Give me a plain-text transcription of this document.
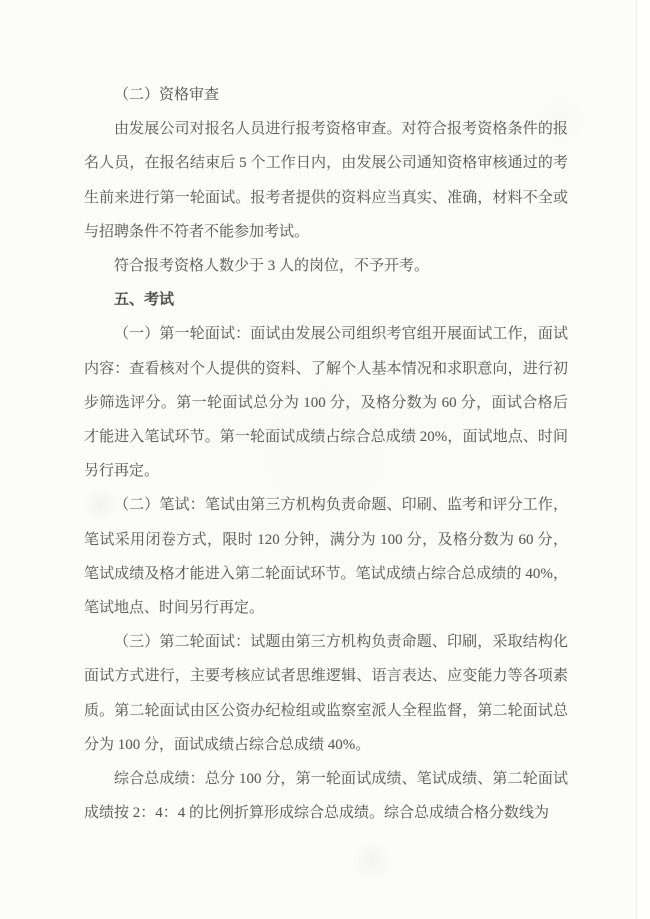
（二）资格审查

由发展公司对报名人员进行报考资格审查。对符合报考资格条件的报名人员，在报名结束后 5 个工作日内，由发展公司通知资格审核通过的考生前来进行第一轮面试。报考者提供的资料应当真实、准确，材料不全或与招聘条件不符者不能参加考试。

符合报考资格人数少于 3 人的岗位，不予开考。

五、考试

（一）第一轮面试：面试由发展公司组织考官组开展面试工作，面试内容：查看核对个人提供的资料、了解个人基本情况和求职意向，进行初步筛选评分。第一轮面试总分为 100 分，及格分数为 60 分，面试合格后才能进入笔试环节。第一轮面试成绩占综合总成绩 20%，面试地点、时间另行再定。

（二）笔试：笔试由第三方机构负责命题、印刷、监考和评分工作，笔试采用闭卷方式，限时 120 分钟，满分为 100 分，及格分数为 60 分，笔试成绩及格才能进入第二轮面试环节。笔试成绩占综合总成绩的 40%，笔试地点、时间另行再定。

（三）第二轮面试：试题由第三方机构负责命题、印刷，采取结构化面试方式进行，主要考核应试者思维逻辑、语言表达、应变能力等各项素质。第二轮面试由区公资办纪检组或监察室派人全程监督，第二轮面试总分为 100 分，面试成绩占综合总成绩 40%。

综合总成绩：总分 100 分，第一轮面试成绩、笔试成绩、第二轮面试成绩按 2：4：4 的比例折算形成综合总成绩。综合总成绩合格分数线为
